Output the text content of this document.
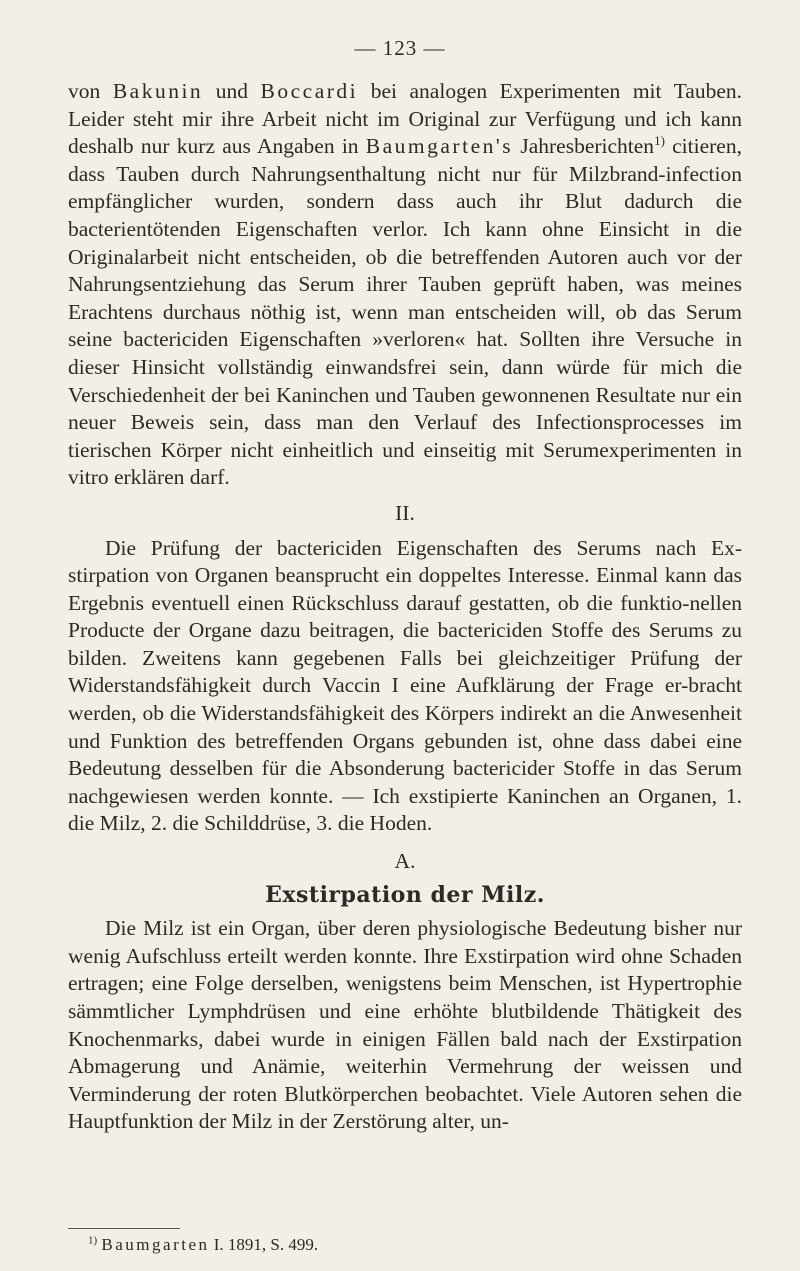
— 123 —

von Bakunin und Boccardi bei analogen Experimenten mit Tauben. Leider steht mir ihre Arbeit nicht im Original zur Verfügung und ich kann deshalb nur kurz aus Angaben in Baumgarten's Jahresberichten$^{1)}$ citieren, dass Tauben durch Nahrungsenthaltung nicht nur für Milzbrand-infection empfänglicher wurden, sondern dass auch ihr Blut dadurch die bacterientötenden Eigenschaften verlor. Ich kann ohne Einsicht in die Originalarbeit nicht entscheiden, ob die betreffenden Autoren auch vor der Nahrungsentziehung das Serum ihrer Tauben geprüft haben, was meines Erachtens durchaus nöthig ist, wenn man entscheiden will, ob das Serum seine bactericiden Eigenschaften »verloren« hat. Sollten ihre Versuche in dieser Hinsicht vollständig einwandsfrei sein, dann würde für mich die Verschiedenheit der bei Kaninchen und Tauben gewonnenen Resultate nur ein neuer Beweis sein, dass man den Verlauf des Infectionsprocesses im tierischen Körper nicht einheitlich und einseitig mit Serumexperimenten in vitro erklären darf.

II.

Die Prüfung der bactericiden Eigenschaften des Serums nach Ex-stirpation von Organen beansprucht ein doppeltes Interesse. Einmal kann das Ergebnis eventuell einen Rückschluss darauf gestatten, ob die funktio-nellen Producte der Organe dazu beitragen, die bactericiden Stoffe des Serums zu bilden. Zweitens kann gegebenen Falls bei gleichzeitiger Prüfung der Widerstandsfähigkeit durch Vaccin I eine Aufklärung der Frage er-bracht werden, ob die Widerstandsfähigkeit des Körpers indirekt an die Anwesenheit und Funktion des betreffenden Organs gebunden ist, ohne dass dabei eine Bedeutung desselben für die Absonderung bactericider Stoffe in das Serum nachgewiesen werden konnte. — Ich exstipierte Kaninchen an Organen, 1. die Milz, 2. die Schilddrüse, 3. die Hoden.

A.
Exstirpation der Milz.

Die Milz ist ein Organ, über deren physiologische Bedeutung bisher nur wenig Aufschluss erteilt werden konnte. Ihre Exstirpation wird ohne Schaden ertragen; eine Folge derselben, wenigstens beim Menschen, ist Hypertrophie sämmtlicher Lymphdrüsen und eine erhöhte blutbildende Thätigkeit des Knochenmarks, dabei wurde in einigen Fällen bald nach der Exstirpation Abmagerung und Anämie, weiterhin Vermehrung der weissen und Verminderung der roten Blutkörperchen beobachtet. Viele Autoren sehen die Hauptfunktion der Milz in der Zerstörung alter, un-

$^{1)}$ Baumgarten I. 1891, S. 499.
